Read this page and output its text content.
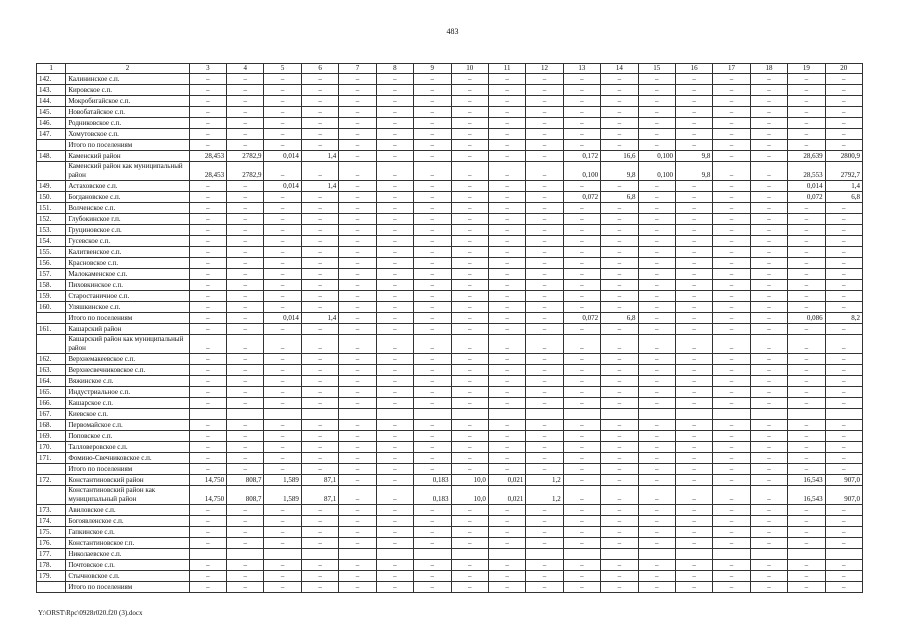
483
1	2	3	4	5	6	7	8	9	10	11	12	13	14	15	16	17	18	19	20
142.	Калининское с.п.	–	–	–	–	–	–	–	–	–	–	–	–	–	–	–	–	–	–
143.	Кировское с.п.	–	–	–	–	–	–	–	–	–	–	–	–	–	–	–	–	–	–
144.	Мокробигайское с.п.	–	–	–	–	–	–	–	–	–	–	–	–	–	–	–	–	–	–
145.	Новобатайское с.п.	–	–	–	–	–	–	–	–	–	–	–	–	–	–	–	–	–	–
146.	Родниковское с.п.	–	–	–	–	–	–	–	–	–	–	–	–	–	–	–	–	–	–
147.	Хомутовское с.п.	–	–	–	–	–	–	–	–	–	–	–	–	–	–	–	–	–	–
	Итого по поселениям	–	–	–	–	–	–	–	–	–	–	–	–	–	–	–	–	–	–
148.	Каменский район	28,453	2782,9	0,014	1,4	–	–	–	–	–	–	0,172	16,6	0,100	9,8	–	–	28,639	2800,9
	Каменский район как муниципальный район	28,453	2782,9	–	–	–	–	–	–	–	–	0,100	9,8	0,100	9,8	–	–	28,553	2792,7
149.	Астаховское с.п.	–	–	0,014	1,4	–	–	–	–	–	–	–	–	–	–	–	–	0,014	1,4
150.	Богдановское с.п.	–	–	–	–	–	–	–	–	–	–	0,072	6,8	–	–	–	–	0,072	6,8
151.	Волченское с.п.	–	–	–	–	–	–	–	–	–	–	–	–	–	–	–	–	–	–
152.	Глубокинское г.п.	–	–	–	–	–	–	–	–	–	–	–	–	–	–	–	–	–	–
153.	Груциновское с.п.	–	–	–	–	–	–	–	–	–	–	–	–	–	–	–	–	–	–
154.	Гусевское с.п.	–	–	–	–	–	–	–	–	–	–	–	–	–	–	–	–	–	–
155.	Калитвенское с.п.	–	–	–	–	–	–	–	–	–	–	–	–	–	–	–	–	–	–
156.	Красновское с.п.	–	–	–	–	–	–	–	–	–	–	–	–	–	–	–	–	–	–
157.	Малокаменское с.п.	–	–	–	–	–	–	–	–	–	–	–	–	–	–	–	–	–	–
158.	Пиховкинское с.п.	–	–	–	–	–	–	–	–	–	–	–	–	–	–	–	–	–	–
159.	Старостаничное с.п.	–	–	–	–	–	–	–	–	–	–	–	–	–	–	–	–	–	–
160.	Уляшкинское с.п.	–	–	–	–	–	–	–	–	–	–	–	–	–	–	–	–	–	–
	Итого по поселениям	–	–	0,014	1,4	–	–	–	–	–	–	0,072	6,8	–	–	–	–	0,086	8,2
161.	Кашарский район	–	–	–	–	–	–	–	–	–	–	–	–	–	–	–	–	–	–
	Кашарский район как муниципальный район	–	–	–	–	–	–	–	–	–	–	–	–	–	–	–	–	–	–
162.	Верхнемакеевское с.п.	–	–	–	–	–	–	–	–	–	–	–	–	–	–	–	–	–	–
163.	Верхнесвечниковское с.п.	–	–	–	–	–	–	–	–	–	–	–	–	–	–	–	–	–	–
164.	Вяжинское с.п.	–	–	–	–	–	–	–	–	–	–	–	–	–	–	–	–	–	–
165.	Индустриальное с.п.	–	–	–	–	–	–	–	–	–	–	–	–	–	–	–	–	–	–
166.	Кашарское с.п.	–	–	–	–	–	–	–	–	–	–	–	–	–	–	–	–	–	–
167.	Киевское с.п.																		
168.	Первомайское с.п.	–	–	–	–	–	–	–	–	–	–	–	–	–	–	–	–	–	–
169.	Поповское с.п.	–	–	–	–	–	–	–	–	–	–	–	–	–	–	–	–	–	–
170.	Талловеровское с.п.	–	–	–	–	–	–	–	–	–	–	–	–	–	–	–	–	–	–
171.	Фомино-Свечниковское с.п.	–	–	–	–	–	–	–	–	–	–	–	–	–	–	–	–	–	–
	Итого по поселениям	–	–	–	–	–	–	–	–	–	–	–	–	–	–	–	–	–	–
172.	Константиновский район	14,750	808,7	1,589	87,1	–	–	0,183	10,0	0,021	1,2	–	–	–	–	–	–	16,543	907,0
	Константиновский район как муниципальный район	14,750	808,7	1,589	87,1	–	–	0,183	10,0	0,021	1,2	–	–	–	–	–	–	16,543	907,0
173.	Авиловское с.п.	–	–	–	–	–	–	–	–	–	–	–	–	–	–	–	–	–	–
174.	Богоявленское с.п.	–	–	–	–	–	–	–	–	–	–	–	–	–	–	–	–	–	–
175.	Гапкинское с.п.	–	–	–	–	–	–	–	–	–	–	–	–	–	–	–	–	–	–
176.	Константиновское г.п.	–	–	–	–	–	–	–	–	–	–	–	–	–	–	–	–	–	–
177.	Николаевское с.п.																		
178.	Почтовское с.п.	–	–	–	–	–	–	–	–	–	–	–	–	–	–	–	–	–	–
179.	Стычновское с.п.	–	–	–	–	–	–	–	–	–	–	–	–	–	–	–	–	–	–
	Итого по поселениям	–	–	–	–	–	–	–	–	–	–	–	–	–	–	–	–	–	–
Y:\ORST\Rpc\0928r020.f20 (3).docx
